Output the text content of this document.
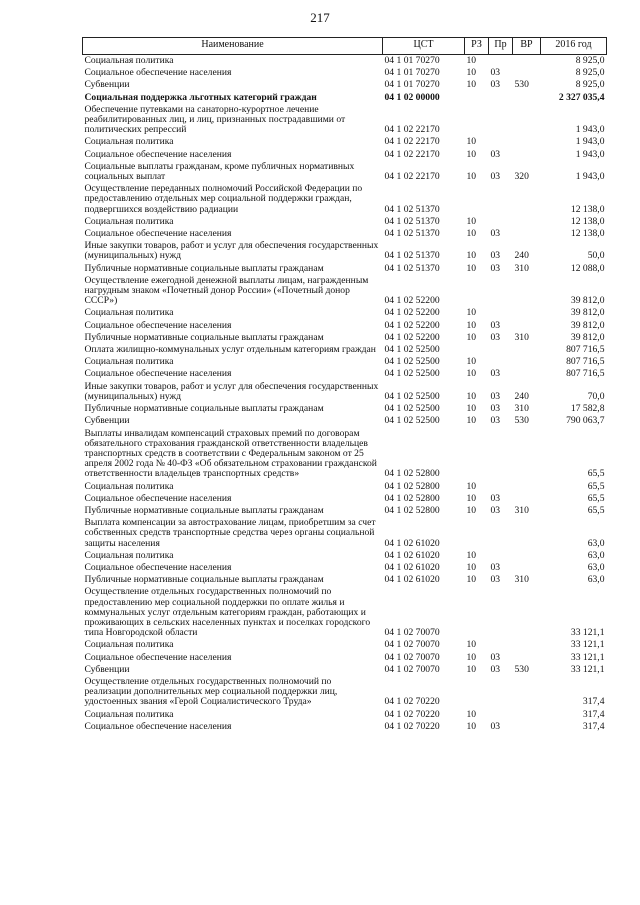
217
Наименование	ЦСТ	РЗ	Пр	ВР	2016 год
Социальная политика	04 1 01 70270	10			8 925,0
Социальное обеспечение населения	04 1 01 70270	10	03		8 925,0
Субвенции	04 1 01 70270	10	03	530	8 925,0
Социальная поддержка льготных категорий граждан	04 1 02 00000				2 327 035,4
Обеспечение путевками на санаторно-курортное лечение реабилитированных лиц, и лиц, признанных пострадавшими от политических репрессий	04 1 02 22170				1 943,0
Социальная политика	04 1 02 22170	10			1 943,0
Социальное обеспечение населения	04 1 02 22170	10	03		1 943,0
Социальные выплаты гражданам, кроме публичных нормативных социальных выплат	04 1 02 22170	10	03	320	1 943,0
Осуществление переданных полномочий Российской Федерации по предоставлению отдельных мер социальной поддержки граждан, подвергшихся воздействию радиации	04 1 02 51370				12 138,0
Социальная политика	04 1 02 51370	10			12 138,0
Социальное обеспечение населения	04 1 02 51370	10	03		12 138,0
Иные закупки товаров, работ и услуг для обеспечения государственных (муниципальных) нужд	04 1 02 51370	10	03	240	50,0
Публичные нормативные социальные выплаты гражданам	04 1 02 51370	10	03	310	12 088,0
Осуществление ежегодной денежной выплаты лицам, награжденным нагрудным знаком «Почетный донор России» («Почетный донор СССР»)	04 1 02 52200				39 812,0
Социальная политика	04 1 02 52200	10			39 812,0
Социальное обеспечение населения	04 1 02 52200	10	03		39 812,0
Публичные нормативные социальные выплаты гражданам	04 1 02 52200	10	03	310	39 812,0
Оплата жилищно-коммунальных услуг отдельным категориям граждан	04 1 02 52500				807 716,5
Социальная политика	04 1 02 52500	10			807 716,5
Социальное обеспечение населения	04 1 02 52500	10	03		807 716,5
Иные закупки товаров, работ и услуг для обеспечения государственных (муниципальных) нужд	04 1 02 52500	10	03	240	70,0
Публичные нормативные социальные выплаты гражданам	04 1 02 52500	10	03	310	17 582,8
Субвенции	04 1 02 52500	10	03	530	790 063,7
Выплаты инвалидам компенсаций страховых премий по договорам обязательного страхования гражданской ответственности владельцев транспортных средств в соответствии с Федеральным законом от 25 апреля 2002 года № 40-ФЗ «Об обязательном страховании гражданской ответственности владельцев транспортных средств»	04 1 02 52800				65,5
Социальная политика	04 1 02 52800	10			65,5
Социальное обеспечение населения	04 1 02 52800	10	03		65,5
Публичные нормативные социальные выплаты гражданам	04 1 02 52800	10	03	310	65,5
Выплата компенсации за автострахование лицам, приобретшим за счет собственных средств транспортные средства через органы социальной защиты населения	04 1 02 61020				63,0
Социальная политика	04 1 02 61020	10			63,0
Социальное обеспечение населения	04 1 02 61020	10	03		63,0
Публичные нормативные социальные выплаты гражданам	04 1 02 61020	10	03	310	63,0
Осуществление отдельных государственных полномочий по предоставлению мер социальной поддержки по оплате жилья и коммунальных услуг отдельным категориям граждан, работающих и проживающих в сельских населенных пунктах и поселках городского типа Новгородской области	04 1 02 70070				33 121,1
Социальная политика	04 1 02 70070	10			33 121,1
Социальное обеспечение населения	04 1 02 70070	10	03		33 121,1
Субвенции	04 1 02 70070	10	03	530	33 121,1
Осуществление отдельных государственных полномочий по реализации дополнительных мер социальной поддержки лиц, удостоенных звания «Герой Социалистического Труда»	04 1 02 70220				317,4
Социальная политика	04 1 02 70220	10			317,4
Социальное обеспечение населения	04 1 02 70220	10	03		317,4
